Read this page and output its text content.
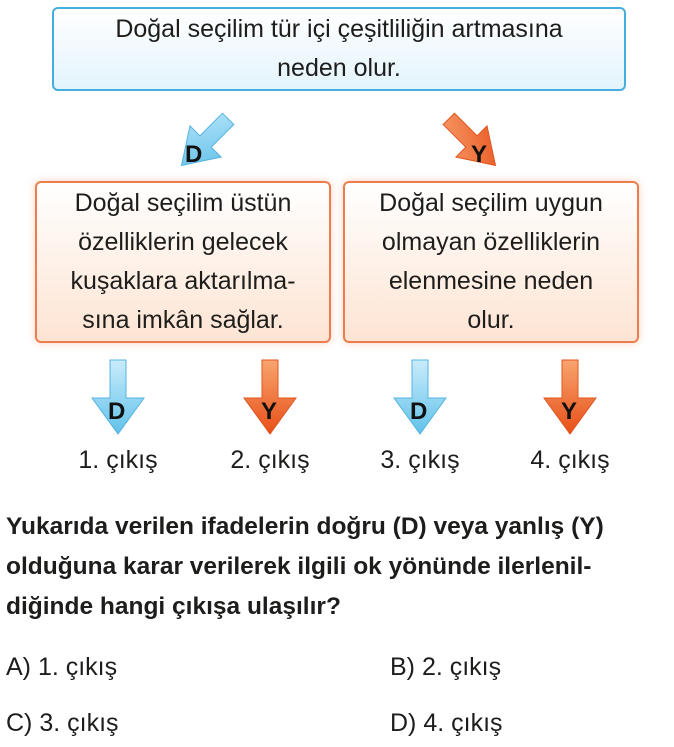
Doğal seçilim tür içi çeşitliliğin artmasına
neden olur.
D	Y
Doğal seçilim üstün
özelliklerin gelecek
kuşaklara aktarılma-
sına imkân sağlar.
Doğal seçilim uygun
olmayan özelliklerin
elenmesine neden
olur.
D	Y	D	Y
1. çıkış	2. çıkış	3. çıkış	4. çıkış
Yukarıda verilen ifadelerin doğru (D) veya yanlış (Y)
olduğuna karar verilerek ilgili ok yönünde ilerlenil-
diğinde hangi çıkışa ulaşılır?
A) 1. çıkış	B) 2. çıkış
C) 3. çıkış	D) 4. çıkış
